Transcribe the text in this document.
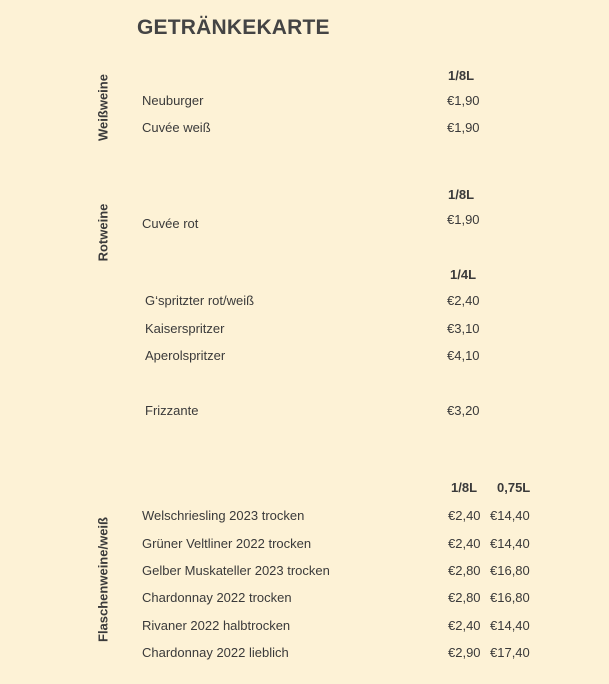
GETRÄNKEKARTE
Weißweine	1/8L
Neuburger	€1,90
Cuvée weiß	€1,90
Rotweine
1/8L
Cuvée rot	€1,90
1/4L
G‘spritzter rot/weiß	€2,40
Kaiserspritzer	€3,10
Aperolspritzer	€4,10
Frizzante	€3,20
Flaschenweine/weiß
1/8L 0,75L
Welschriesling 2023 trocken	€2,40 €14,40
Grüner Veltliner 2022 trocken	€2,40 €14,40
Gelber Muskateller 2023 trocken	€2,80 €16,80
Chardonnay 2022 trocken	€2,80 €16,80
Rivaner 2022 halbtrocken	€2,40 €14,40
Chardonnay 2022 lieblich	€2,90 €17,40
